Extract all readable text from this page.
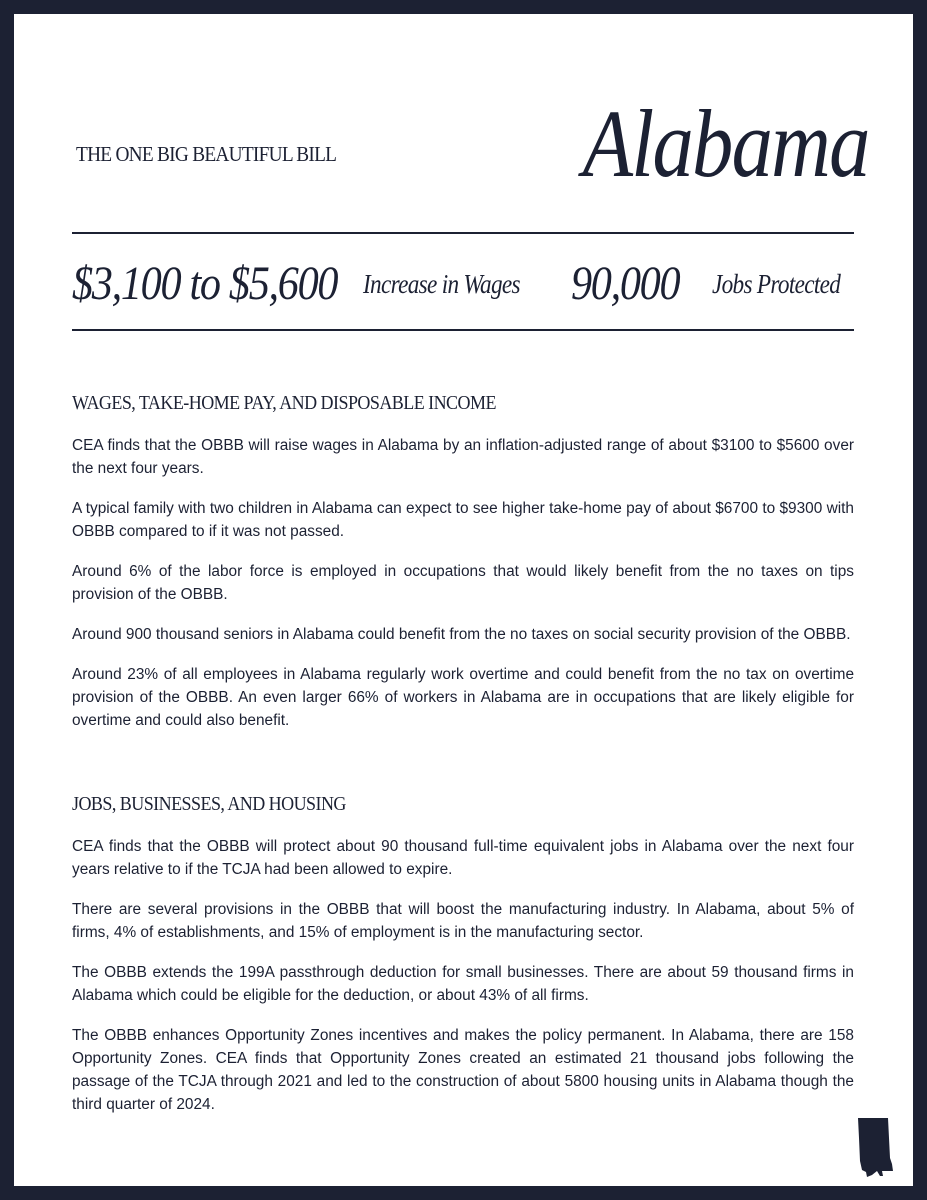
THE ONE BIG BEAUTIFUL BILL	Alabama
$3,100 to $5,600 Increase in Wages 90,000 Jobs Protected
WAGES, TAKE-HOME PAY, AND DISPOSABLE INCOME

CEA finds that the OBBB will raise wages in Alabama by an inflation-adjusted range of about $3100 to $5600 over the next four years.

A typical family with two children in Alabama can expect to see higher take-home pay of about $6700 to $9300 with OBBB compared to if it was not passed.

Around 6% of the labor force is employed in occupations that would likely benefit from the no taxes on tips provision of the OBBB.

Around 900 thousand seniors in Alabama could benefit from the no taxes on social security provision of the OBBB.

Around 23% of all employees in Alabama regularly work overtime and could benefit from the no tax on overtime provision of the OBBB. An even larger 66% of workers in Alabama are in occupations that are likely eligible for overtime and could also benefit.

JOBS, BUSINESSES, AND HOUSING

CEA finds that the OBBB will protect about 90 thousand full-time equivalent jobs in Alabama over the next four years relative to if the TCJA had been allowed to expire.

There are several provisions in the OBBB that will boost the manufacturing industry. In Alabama, about 5% of firms, 4% of establishments, and 15% of employment is in the manufacturing sector.

The OBBB extends the 199A passthrough deduction for small businesses. There are about 59 thousand firms in Alabama which could be eligible for the deduction, or about 43% of all firms.

The OBBB enhances Opportunity Zones incentives and makes the policy permanent. In Alabama, there are 158 Opportunity Zones. CEA finds that Opportunity Zones created an estimated 21 thousand jobs following the passage of the TCJA through 2021 and led to the construction of about 5800 housing units in Alabama though the third quarter of 2024.
